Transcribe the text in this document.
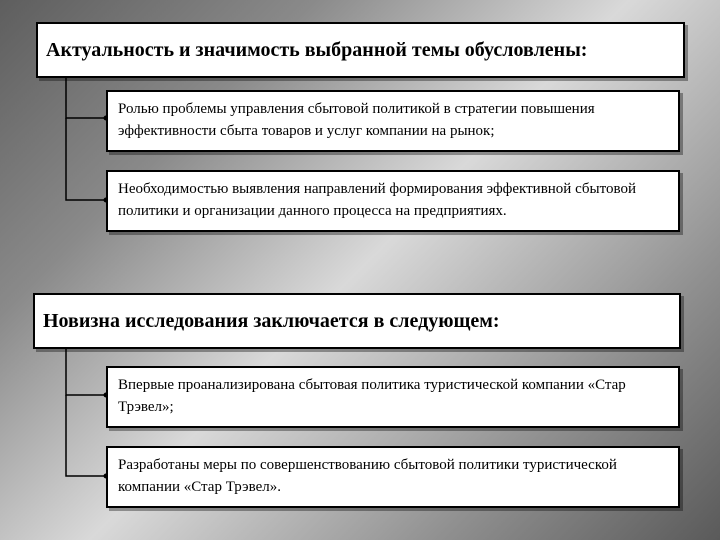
Актуальность и значимость выбранной темы обусловлены:
Ролью проблемы управления сбытовой политикой в стратегии повышения эффективности сбыта товаров и услуг компании на рынок;
Необходимостью выявления направлений формирования эффективной сбытовой политики и организации данного процесса на предприятиях.
Новизна исследования заключается в следующем:
Впервые проанализирована сбытовая политика туристической компании «Стар Трэвел»;
Разработаны меры по совершенствованию сбытовой политики туристической компании «Стар Трэвел».
